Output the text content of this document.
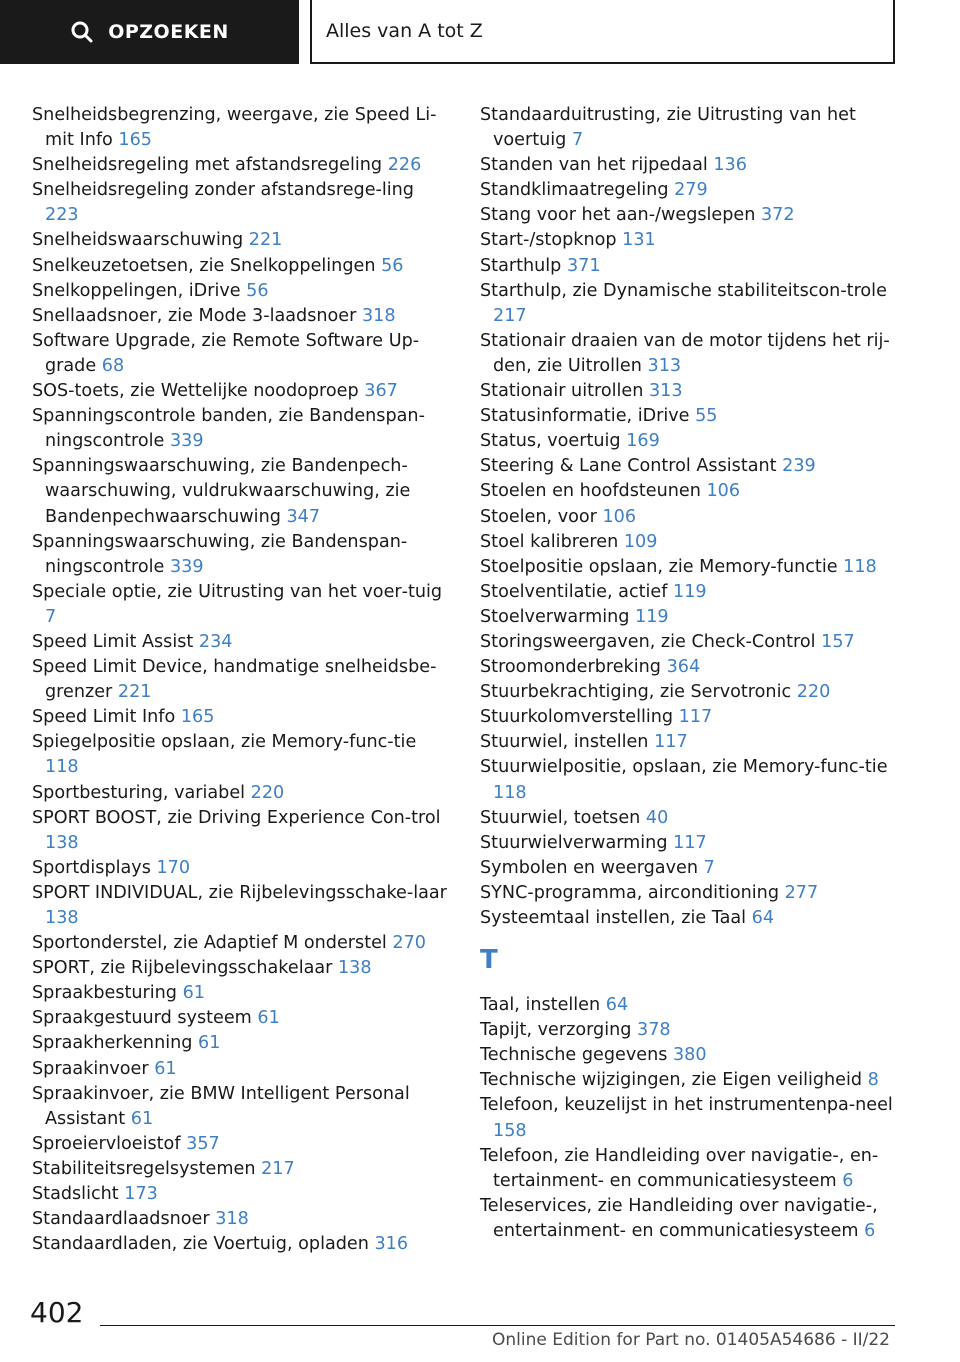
OPZOEKEN	Alles van A tot Z
Snelheidsbegrenzing, weergave, zie Speed Li‐mit Info 165
Snelheidsregeling met afstandsregeling 226
Snelheidsregeling zonder afstandsrege‐ling 223
Snelheidswaarschuwing 221
Snelkeuzetoetsen, zie Snelkoppelingen 56
Snelkoppelingen, iDrive 56
Snellaadsnoer, zie Mode 3-laadsnoer 318
Software Upgrade, zie Remote Software Up‐grade 68
SOS-toets, zie Wettelijke noodoproep 367
Spanningscontrole banden, zie Bandenspan‐ningscontrole 339
Spanningswaarschuwing, zie Bandenpech‐waarschuwing, vuldrukwaarschuwing, zie Bandenpechwaarschuwing 347
Spanningswaarschuwing, zie Bandenspan‐ningscontrole 339
Speciale optie, zie Uitrusting van het voer‐tuig 7
Speed Limit Assist 234
Speed Limit Device, handmatige snelheidsbe‐grenzer 221
Speed Limit Info 165
Spiegelpositie opslaan, zie Memory-func‐tie 118
Sportbesturing, variabel 220
SPORT BOOST, zie Driving Experience Con‐trol 138
Sportdisplays 170
SPORT INDIVIDUAL, zie Rijbelevingsschake‐laar 138
Sportonderstel, zie Adaptief M onderstel 270
SPORT, zie Rijbelevingsschakelaar 138
Spraakbesturing 61
Spraakgestuurd systeem 61
Spraakherkenning 61
Spraakinvoer 61
Spraakinvoer, zie BMW Intelligent Personal Assistant 61
Sproeiervloeistof 357
Stabiliteitsregelsystemen 217
Stadslicht 173
Standaardlaadsnoer 318
Standaardladen, zie Voertuig, opladen 316
Standaarduitrusting, zie Uitrusting van het voertuig 7
Standen van het rijpedaal 136
Standklimaatregeling 279
Stang voor het aan-/wegslepen 372
Start-/stopknop 131
Starthulp 371
Starthulp, zie Dynamische stabiliteitscon‐trole 217
Stationair draaien van de motor tijdens het rij‐den, zie Uitrollen 313
Stationair uitrollen 313
Statusinformatie, iDrive 55
Status, voertuig 169
Steering & Lane Control Assistant 239
Stoelen en hoofdsteunen 106
Stoelen, voor 106
Stoel kalibreren 109
Stoelpositie opslaan, zie Memory-functie 118
Stoelventilatie, actief 119
Stoelverwarming 119
Storingsweergaven, zie Check-Control 157
Stroomonderbreking 364
Stuurbekrachtiging, zie Servotronic 220
Stuurkolomverstelling 117
Stuurwiel, instellen 117
Stuurwielpositie, opslaan, zie Memory-func‐tie 118
Stuurwiel, toetsen 40
Stuurwielverwarming 117
Symbolen en weergaven 7
SYNC-programma, airconditioning 277
Systeemtaal instellen, zie Taal 64
T
Taal, instellen 64
Tapijt, verzorging 378
Technische gegevens 380
Technische wijzigingen, zie Eigen veiligheid 8
Telefoon, keuzelijst in het instrumentenpa‐neel 158
Telefoon, zie Handleiding over navigatie-, en‐tertainment- en communicatiesysteem 6
Teleservices, zie Handleiding over navigatie-, entertainment- en communicatiesysteem 6
402
Online Edition for Part no. 01405A54686 - II/22
